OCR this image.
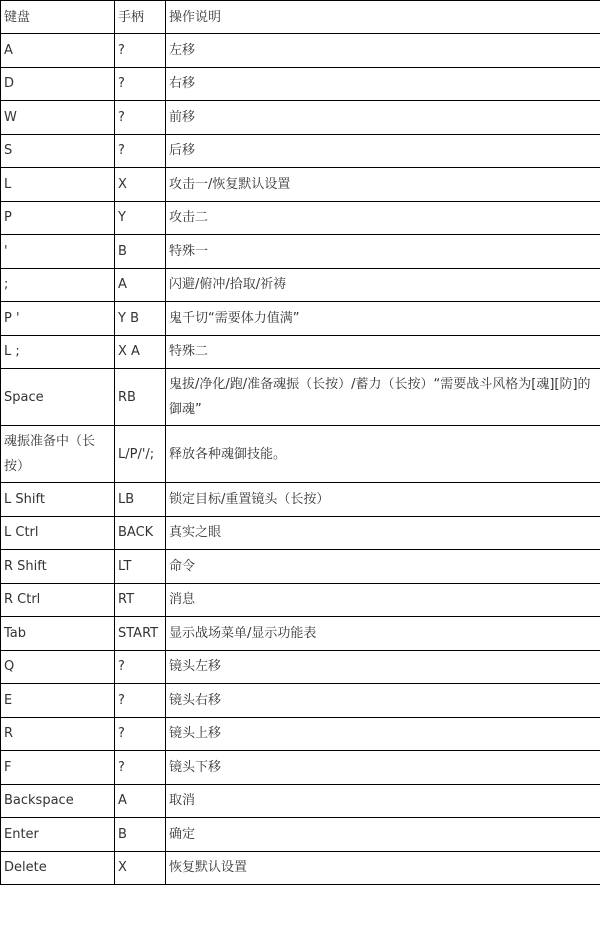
键盘	手柄	操作说明
A	?	左移
D	?	右移
W	?	前移
S	?	后移
L	X	攻击一/恢复默认设置
P	Y	攻击二
'	B	特殊一
;	A	闪避/俯冲/拾取/祈祷
P '	Y B	鬼千切“需要体力值满”
L ;	X A	特殊二
Space	RB	鬼拔/净化/跑/准备魂振（长按）/蓄力（长按）“需要战斗风格为[魂][防]的御魂”
魂振准备中（长按）	L/P/'/;	释放各种魂御技能。
L Shift	LB	锁定目标/重置镜头（长按）
L Ctrl	BACK	真实之眼
R Shift	LT	命令
R Ctrl	RT	消息
Tab	START	显示战场菜单/显示功能表
Q	?	镜头左移
E	?	镜头右移
R	?	镜头上移
F	?	镜头下移
Backspace	A	取消
Enter	B	确定
Delete	X	恢复默认设置
